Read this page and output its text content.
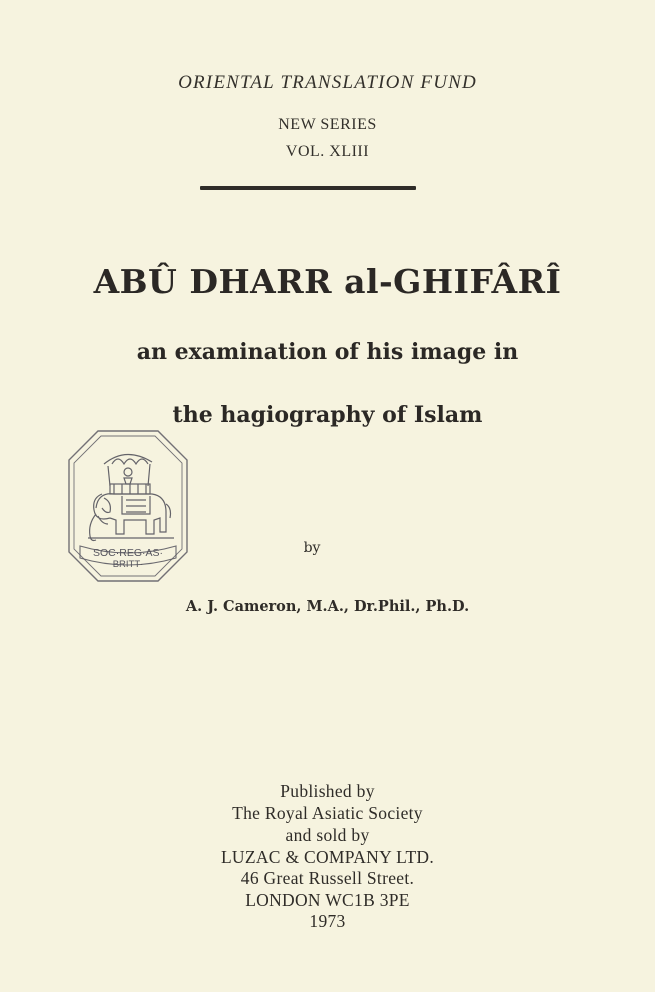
ORIENTAL TRANSLATION FUND
NEW SERIES
VOL. XLIII
ABÛ DHARR al-GHIFÂRÎ
an examination of his image in
the hagiography of Islam
SOC·REG·AS·
BRITT·
by
A. J. Cameron, M.A., Dr.Phil., Ph.D.
Published by
The Royal Asiatic Society
and sold by
LUZAC & COMPANY LTD.
46 Great Russell Street.
LONDON WC1B 3PE
1973
